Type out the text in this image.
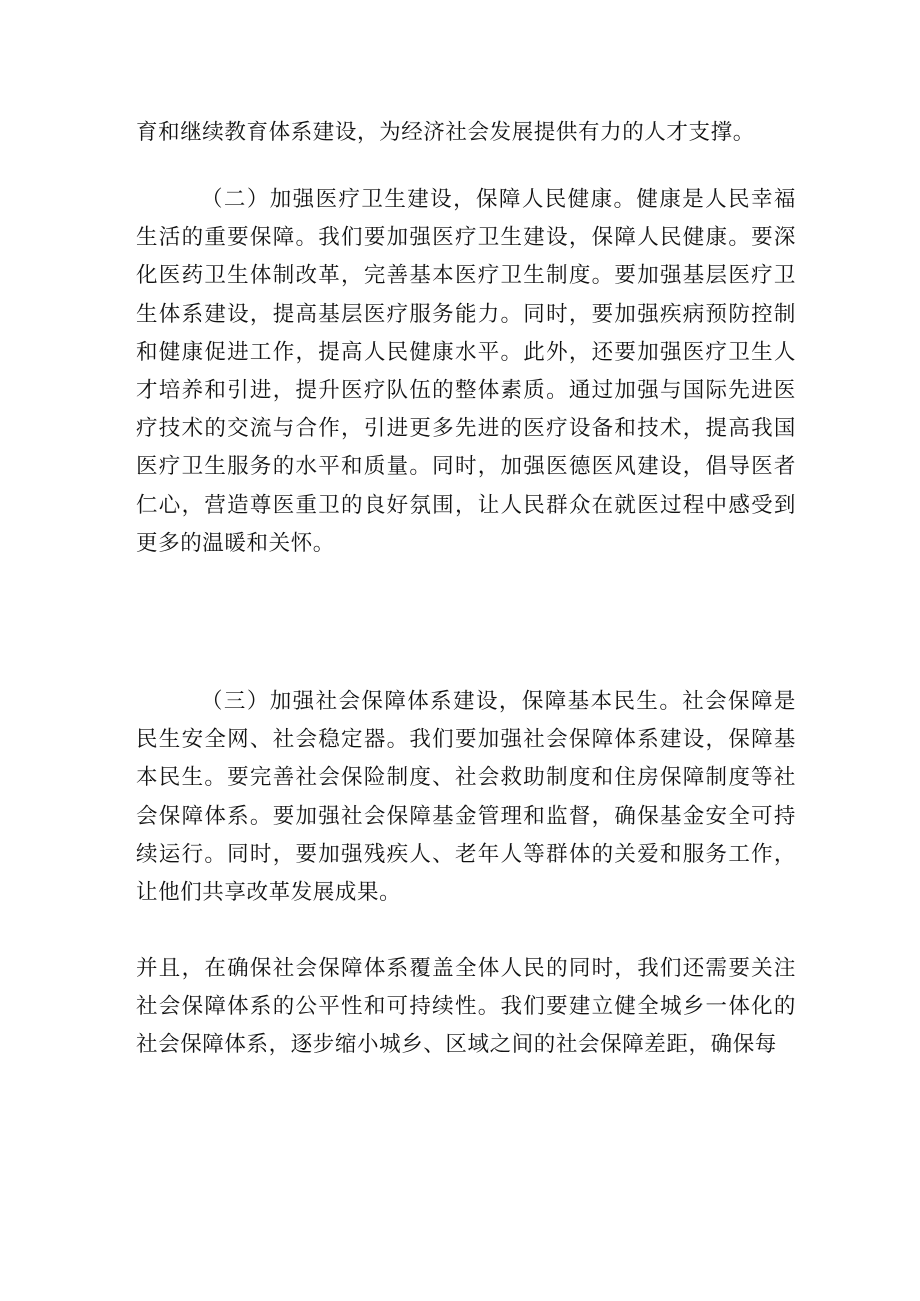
育和继续教育体系建设，为经济社会发展提供有力的人才支撑。

（二）加强医疗卫生建设，保障人民健康。健康是人民幸福生活的重要保障。我们要加强医疗卫生建设，保障人民健康。要深化医药卫生体制改革，完善基本医疗卫生制度。要加强基层医疗卫生体系建设，提高基层医疗服务能力。同时，要加强疾病预防控制和健康促进工作，提高人民健康水平。此外，还要加强医疗卫生人才培养和引进，提升医疗队伍的整体素质。通过加强与国际先进医疗技术的交流与合作，引进更多先进的医疗设备和技术，提高我国医疗卫生服务的水平和质量。同时，加强医德医风建设，倡导医者仁心，营造尊医重卫的良好氛围，让人民群众在就医过程中感受到更多的温暖和关怀。

（三）加强社会保障体系建设，保障基本民生。社会保障是民生安全网、社会稳定器。我们要加强社会保障体系建设，保障基本民生。要完善社会保险制度、社会救助制度和住房保障制度等社会保障体系。要加强社会保障基金管理和监督，确保基金安全可持续运行。同时，要加强残疾人、老年人等群体的关爱和服务工作，让他们共享改革发展成果。

并且，在确保社会保障体系覆盖全体人民的同时，我们还需要关注社会保障体系的公平性和可持续性。我们要建立健全城乡一体化的社会保障体系，逐步缩小城乡、区域之间的社会保障差距，确保每
